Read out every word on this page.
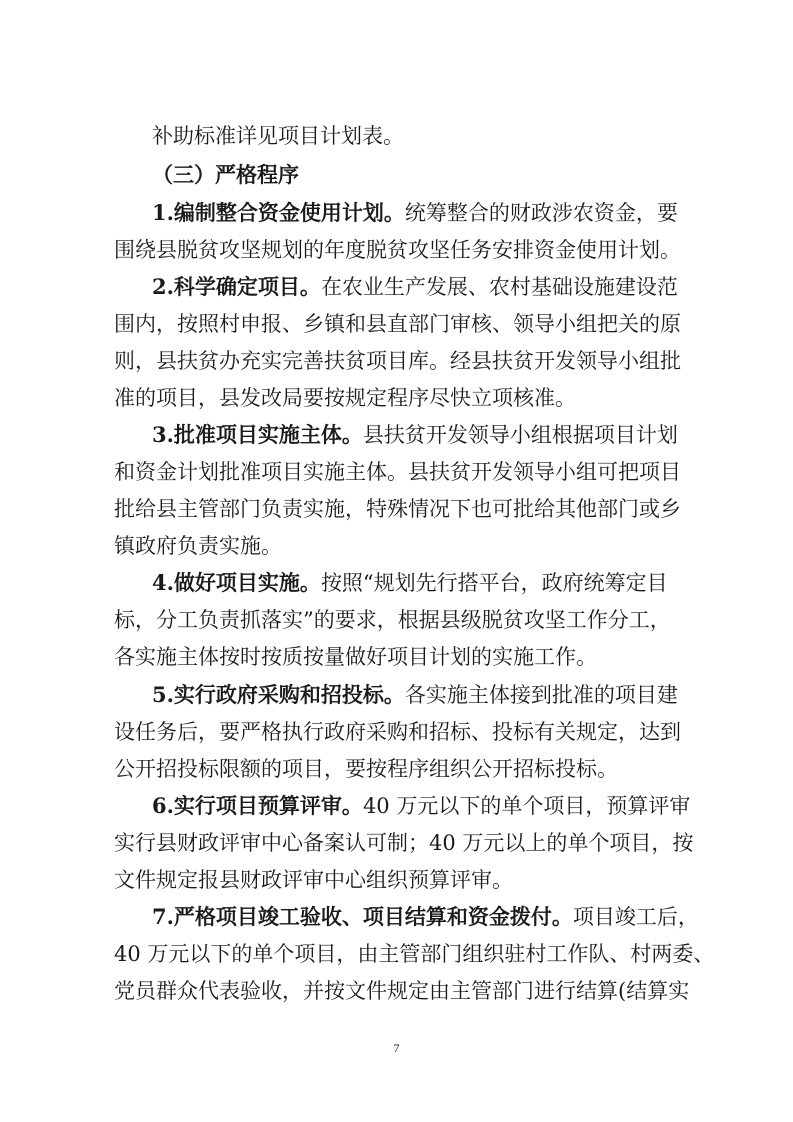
补助标准详见项目计划表。
（三）严格程序
1.编制整合资金使用计划。统筹整合的财政涉农资金，要
围绕县脱贫攻坚规划的年度脱贫攻坚任务安排资金使用计划。
2.科学确定项目。在农业生产发展、农村基础设施建设范
围内，按照村申报、乡镇和县直部门审核、领导小组把关的原
则，县扶贫办充实完善扶贫项目库。经县扶贫开发领导小组批
准的项目，县发改局要按规定程序尽快立项核准。
3.批准项目实施主体。县扶贫开发领导小组根据项目计划
和资金计划批准项目实施主体。县扶贫开发领导小组可把项目
批给县主管部门负责实施，特殊情况下也可批给其他部门或乡
镇政府负责实施。
4.做好项目实施。按照“规划先行搭平台，政府统筹定目
标，分工负责抓落实”的要求，根据县级脱贫攻坚工作分工，
各实施主体按时按质按量做好项目计划的实施工作。
5.实行政府采购和招投标。各实施主体接到批准的项目建
设任务后，要严格执行政府采购和招标、投标有关规定，达到
公开招投标限额的项目，要按程序组织公开招标投标。
6.实行项目预算评审。40 万元以下的单个项目，预算评审
实行县财政评审中心备案认可制；40 万元以上的单个项目，按
文件规定报县财政评审中心组织预算评审。
7.严格项目竣工验收、项目结算和资金拨付。项目竣工后，
40 万元以下的单个项目，由主管部门组织驻村工作队、村两委、
党员群众代表验收，并按文件规定由主管部门进行结算(结算实
7
